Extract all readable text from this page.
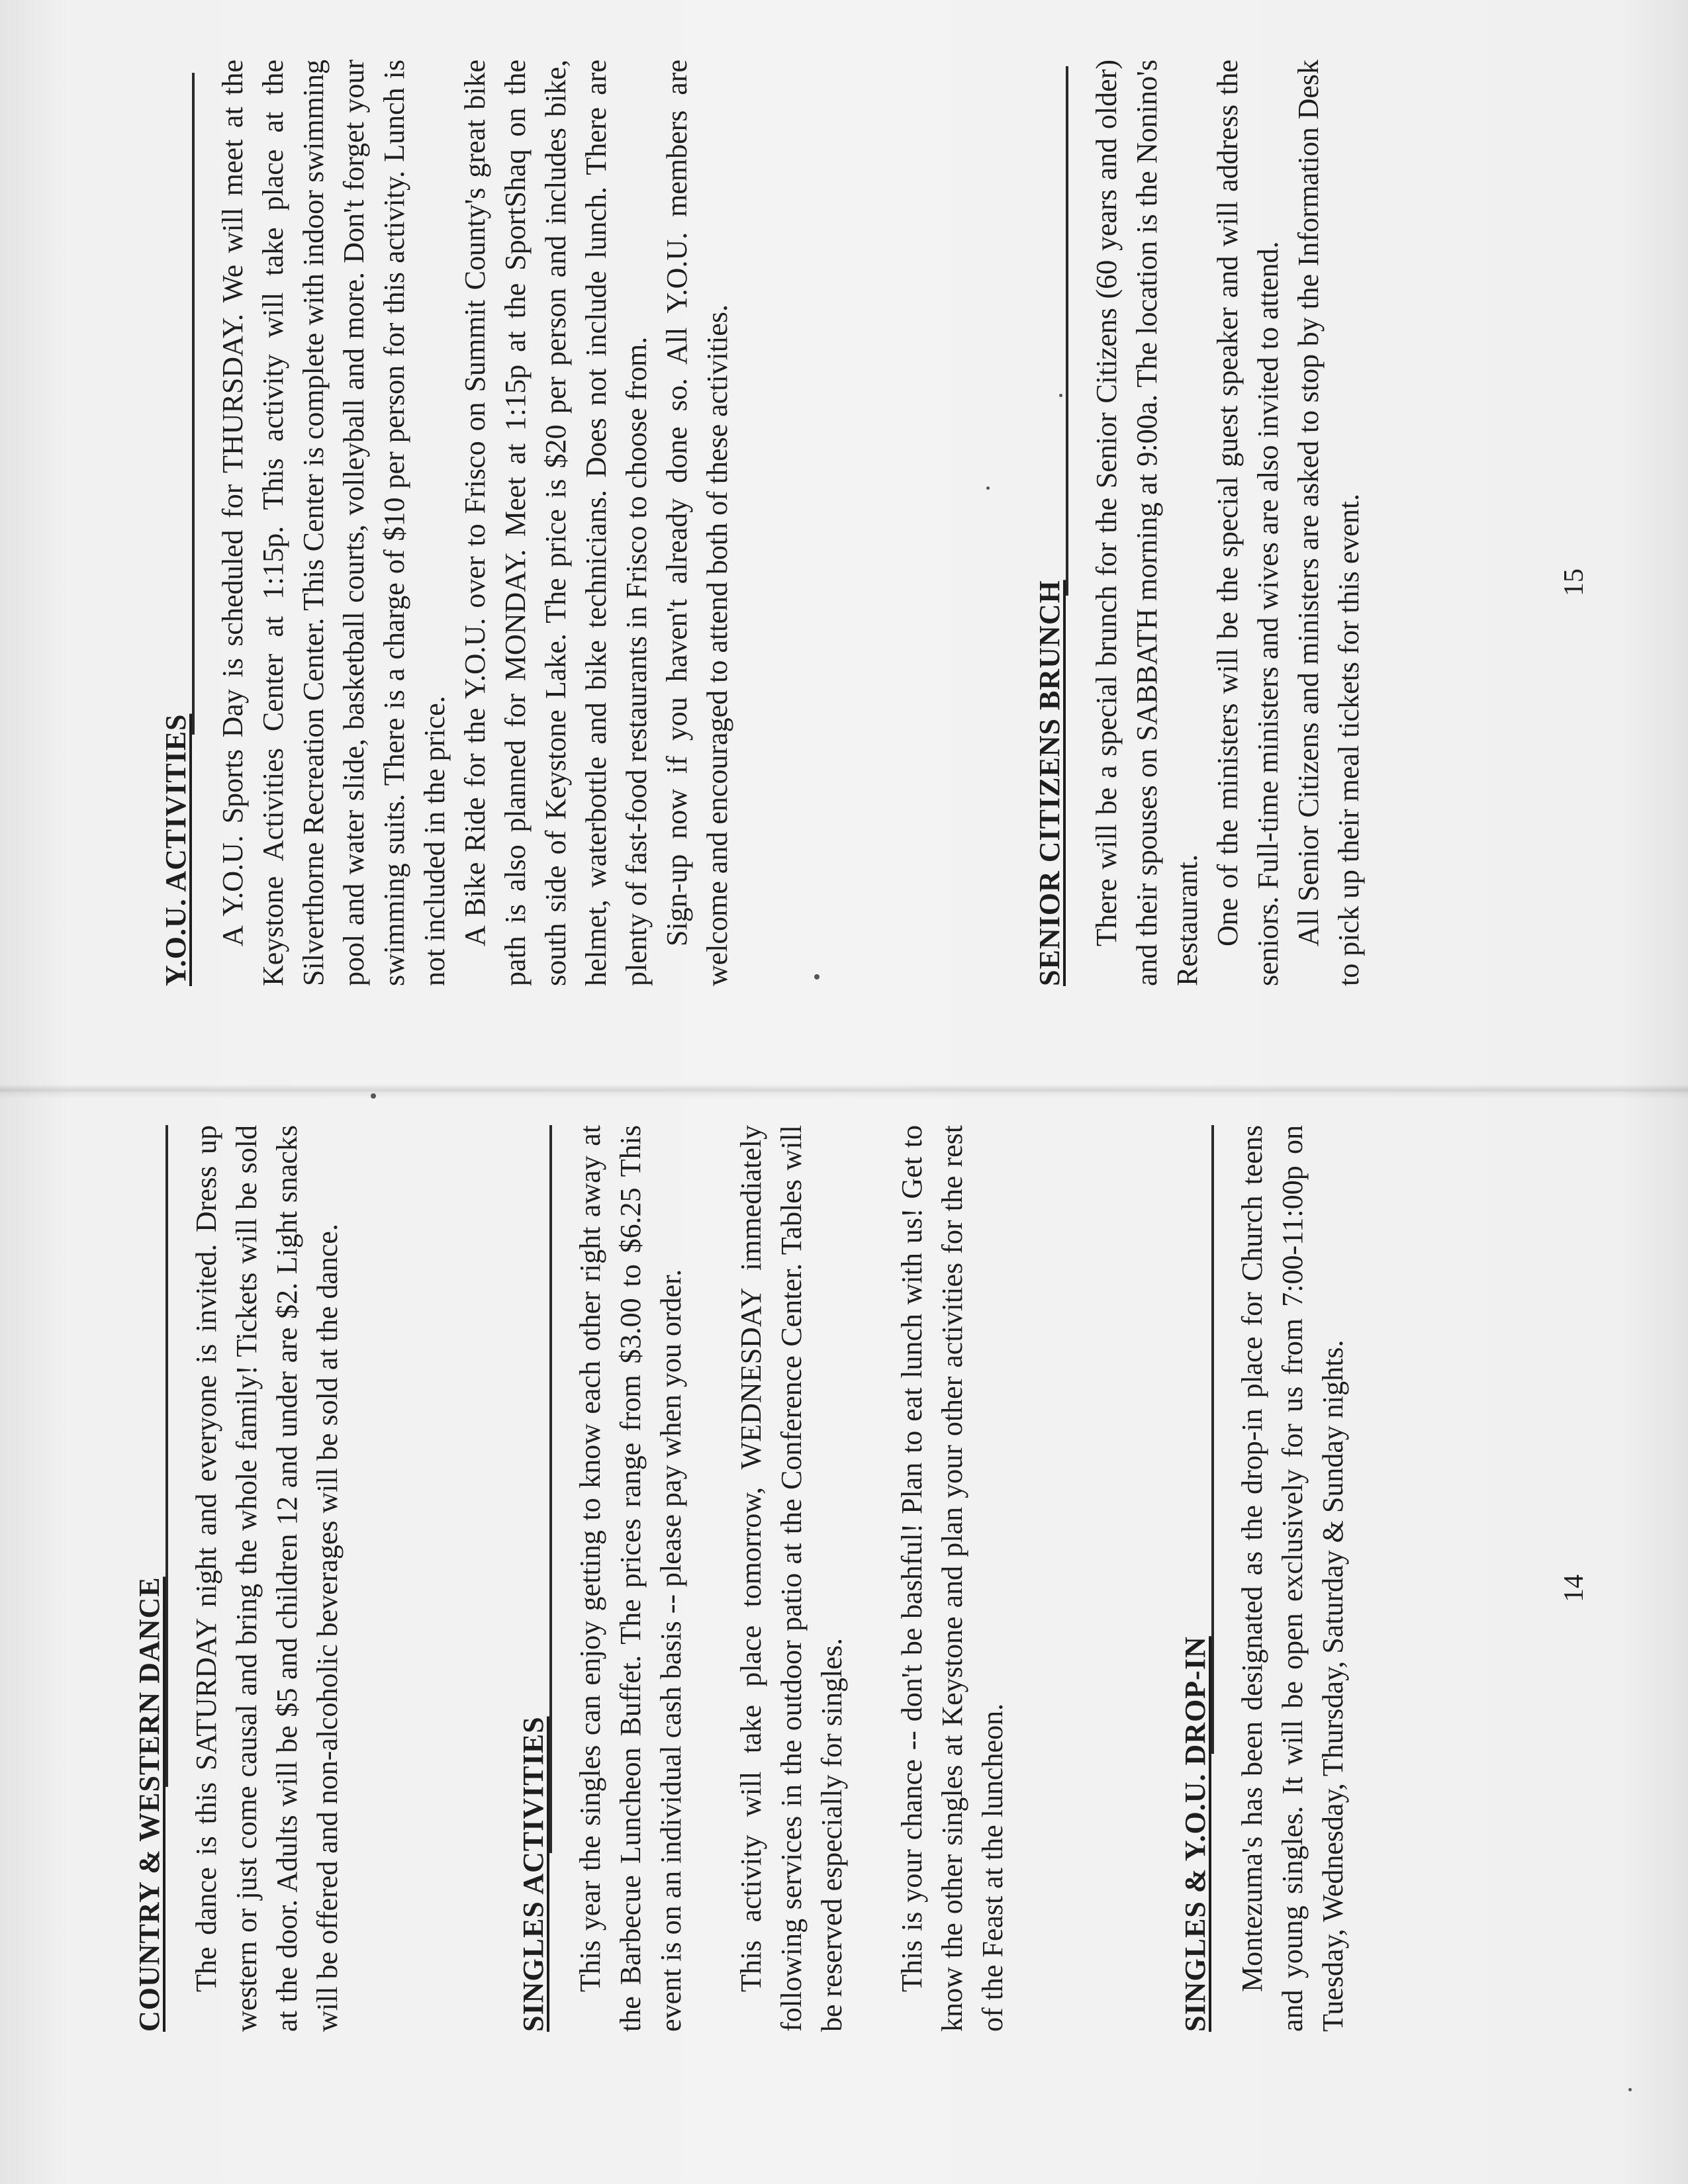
COUNTRY & WESTERN DANCE The dance is this SATURDAY night and everyone is invited. Dress up western or just come causal and bring the whole family! Tickets will be sold at the door. Adults will be $5 and children 12 and under are $2. Light snacks will be offered and non-alcoholic beverages will be sold at the dance.	SINGLES ACTIVITIES This year the singles can enjoy getting to know each other right away at the Barbecue Luncheon Buffet. The prices range from $3.00 to $6.25 This event is on an individual cash basis -- please pay when you order. This activity will take place tomorrow, WEDNESDAY immediately following services in the outdoor patio at the Conference Center. Tables will be reserved especially for singles. This is your chance -- don't be bashful! Plan to eat lunch with us! Get to know the other singles at Keystone and plan your other activities for the rest of the Feast at the luncheon.	SINGLES & Y.O.U. DROP-IN Montezuma's has been designated as the drop-in place for Church teens and young singles. It will be open exclusively for us from 7:00-11:00p on Tuesday, Wednesday, Thursday, Saturday & Sunday nights.	14
Y.O.U. ACTIVITIES A Y.O.U. Sports Day is scheduled for THURSDAY. We will meet at the Keystone Activities Center at 1:15p. This activity will take place at the Silverthorne Recreation Center. This Center is complete with indoor swimming pool and water slide, basketball courts, volleyball and more. Don't forget your swimming suits. There is a charge of $10 per person for this activity. Lunch is not included in the price. A Bike Ride for the Y.O.U. over to Frisco on Summit County's great bike path is also planned for MONDAY. Meet at 1:15p at the SportShaq on the south side of Keystone Lake. The price is $20 per person and includes bike, helmet, waterbottle and bike technicians. Does not include lunch. There are plenty of fast-food restaurants in Frisco to choose from. Sign-up now if you haven't already done so. All Y.O.U. members are welcome and encouraged to attend both of these activities.	SENIOR CITIZENS BRUNCH There will be a special brunch for the Senior Citizens (60 years and older) and their spouses on SABBATH morning at 9:00a. The location is the Nonino's Restaurant. One of the ministers will be the special guest speaker and will address the seniors. Full-time ministers and wives are also invited to attend. All Senior Citizens and ministers are asked to stop by the Information Desk to pick up their meal tickets for this event.	15
